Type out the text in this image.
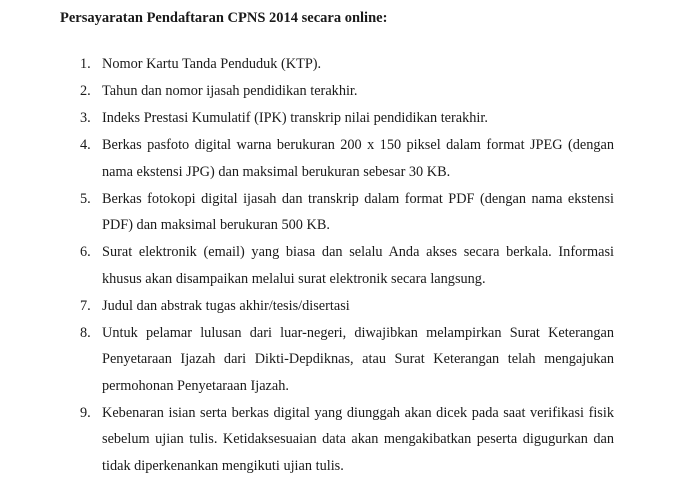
Persayaratan Pendaftaran CPNS 2014 secara online:
1. Nomor Kartu Tanda Penduduk (KTP).
2. Tahun dan nomor ijasah pendidikan terakhir.
3. Indeks Prestasi Kumulatif (IPK) transkrip nilai pendidikan terakhir.
4. Berkas pasfoto digital warna berukuran 200 x 150 piksel dalam format JPEG (dengan nama ekstensi JPG) dan maksimal berukuran sebesar 30 KB.
5. Berkas fotokopi digital ijasah dan transkrip dalam format PDF (dengan nama ekstensi PDF) dan maksimal berukuran 500 KB.
6. Surat elektronik (email) yang biasa dan selalu Anda akses secara berkala. Informasi khusus akan disampaikan melalui surat elektronik secara langsung.
7. Judul dan abstrak tugas akhir/tesis/disertasi
8. Untuk pelamar lulusan dari luar-negeri, diwajibkan melampirkan Surat Keterangan Penyetaraan Ijazah dari Dikti-Depdiknas, atau Surat Keterangan telah mengajukan permohonan Penyetaraan Ijazah.
9. Kebenaran isian serta berkas digital yang diunggah akan dicek pada saat verifikasi fisik sebelum ujian tulis. Ketidaksesuaian data akan mengakibatkan peserta digugurkan dan tidak diperkenankan mengikuti ujian tulis.
